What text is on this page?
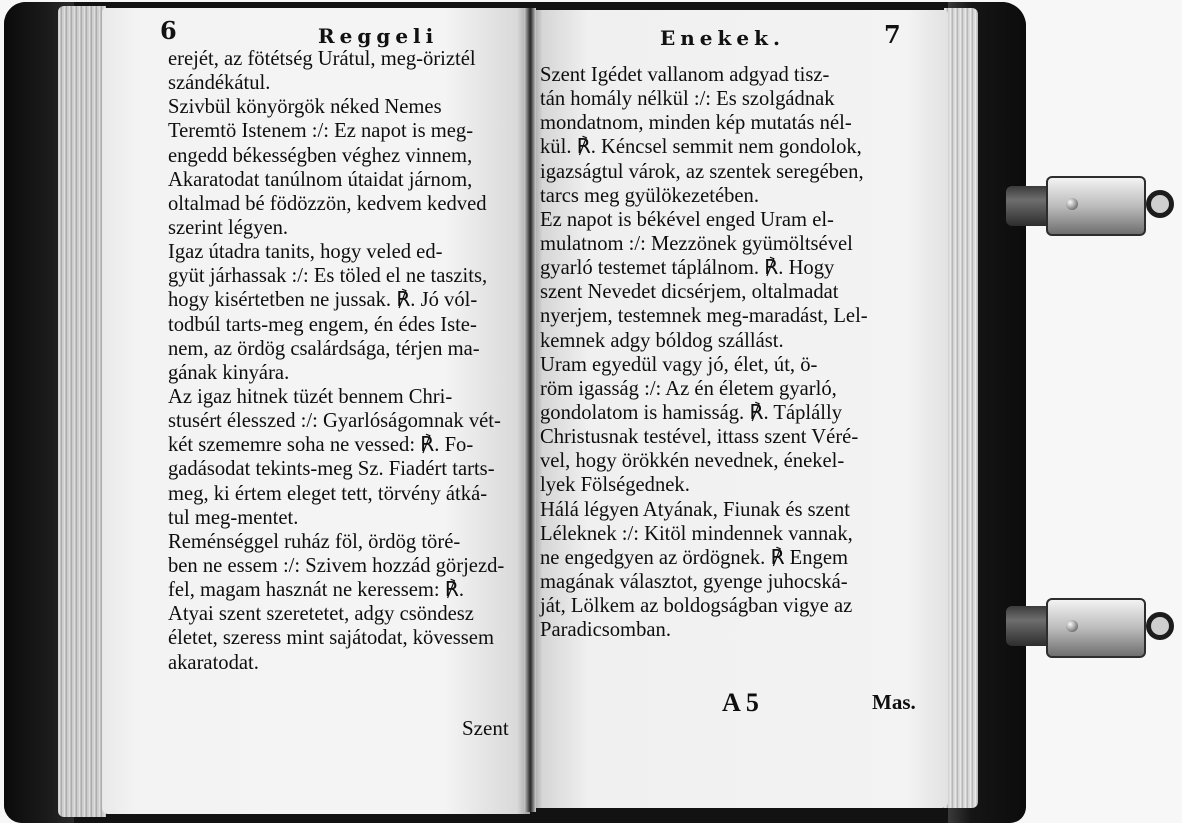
6	Reggeli	Enekek.	7
erejét, az fötétség Urátul, meg-öriztél
szándékátul.
Szivbül könyörgök néked Nemes
Teremtö Istenem :/: Ez napot is meg-
engedd békességben véghez vinnem,
Akaratodat tanúlnom útaidat járnom,
oltalmad bé födözzön, kedvem kedved
szerint légyen.
Igaz útadra tanits, hogy veled ed-
gyüt járhassak :/: Es töled el ne taszits,
hogy kisértetben ne jussak. ℟. Jó vól-
todbúl tarts-meg engem, én édes Iste-
nem, az ördög csalárdsága, térjen ma-
gának kinyára.
Az igaz hitnek tüzét bennem Chri-
stusért élesszed :/: Gyarlóságomnak vét-
két szememre soha ne vessed: ℟. Fo-
gadásodat tekints-meg Sz. Fiadért tarts-
meg, ki értem eleget tett, törvény átká-
tul meg-mentet.
Reménséggel ruház föl, ördög töré-
ben ne essem :/: Szivem hozzád görjezd-
fel, magam hasznát ne keressem: ℟.
Atyai szent szeretetet, adgy csöndesz
életet, szeress mint sajátodat, kövessem
akaratodat.
Szent
Szent Igédet vallanom adgyad tisz-
tán homály nélkül :/: Es szolgádnak
mondatnom, minden kép mutatás nél-
kül. ℟. Kéncsel semmit nem gondolok,
igazságtul várok, az szentek seregében,
tarcs meg gyülökezetében.
Ez napot is békével enged Uram el-
mulatnom :/: Mezzönek gyümöltsével
gyarló testemet táplálnom. ℟. Hogy
szent Nevedet dicsérjem, oltalmadat
nyerjem, testemnek meg-maradást, Lel-
kemnek adgy bóldog szállást.
Uram egyedül vagy jó, élet, út, ö-
röm igasság :/: Az én életem gyarló,
gondolatom is hamisság. ℟. Táplálly
Christusnak testével, ittass szent Véré-
vel, hogy örökkén nevednek, énekel-
lyek Fölségednek.
Hálá légyen Atyának, Fiunak és szent
Léleknek :/: Kitöl mindennek vannak,
ne engedgyen az ördögnek. ℟ Engem
magának választot, gyenge juhocská-
ját, Lölkem az boldogságban vigye az
Paradicsomban.
A 5	Mas.
